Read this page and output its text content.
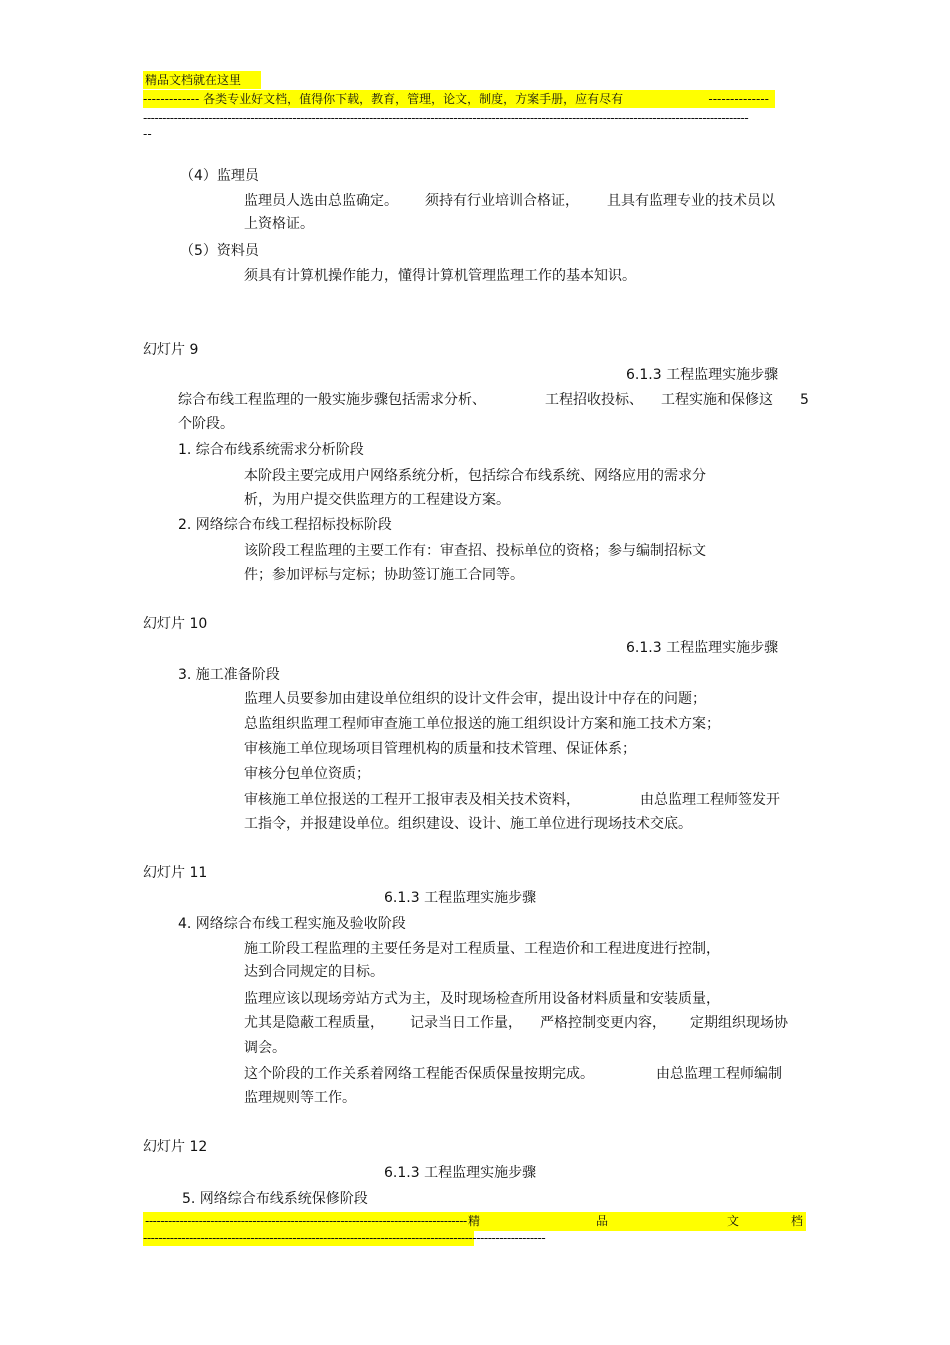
精品文档就在这里
------------- 各类专业好文档，值得你下载，教育，管理，论文，制度，方案手册，应有尽有	--------------
--------------------------------------------------------------------------------------------------------------------------------------------------------------
--
（4）监理员
监理员人选由总监确定。 须持有行业培训合格证， 且具有监理专业的技术员以
上资格证。
（5）资料员
须具有计算机操作能力，懂得计算机管理监理工作的基本知识。
幻灯片 9
6.1.3 工程监理实施步骤
综合布线工程监理的一般实施步骤包括需求分析、	工程招收投标、 工程实施和保修这 5
个阶段。
1. 综合布线系统需求分析阶段
本阶段主要完成用户网络系统分析，包括综合布线系统、网络应用的需求分
析，为用户提交供监理方的工程建设方案。
2. 网络综合布线工程招标投标阶段
该阶段工程监理的主要工作有：审查招、投标单位的资格；参与编制招标文
件；参加评标与定标；协助签订施工合同等。
幻灯片 10
6.1.3 工程监理实施步骤
3. 施工准备阶段
监理人员要参加由建设单位组织的设计文件会审，提出设计中存在的问题；
总监组织监理工程师审查施工单位报送的施工组织设计方案和施工技术方案；
审核施工单位现场项目管理机构的质量和技术管理、保证体系；
审核分包单位资质；
审核施工单位报送的工程开工报审表及相关技术资料，	由总监理工程师签发开
工指令，并报建设单位。组织建设、设计、施工单位进行现场技术交底。
幻灯片 11
6.1.3 工程监理实施步骤
4. 网络综合布线工程实施及验收阶段
施工阶段工程监理的主要任务是对工程质量、工程造价和工程进度进行控制，
达到合同规定的目标。
监理应该以现场旁站方式为主，及时现场检查所用设备材料质量和安装质量，
尤其是隐蔽工程质量， 记录当日工作量， 严格控制变更内容， 定期组织现场协
调会。
这个阶段的工作关系着网络工程能否保质保量按期完成。	由总监理工程师编制
监理规则等工作。
幻灯片 12
6.1.3 工程监理实施步骤
5. 网络综合布线系统保修阶段
------------------------------------------------------------------------------------ 精	品	文	档
---------------------------------------------------------------------------------------------------------
